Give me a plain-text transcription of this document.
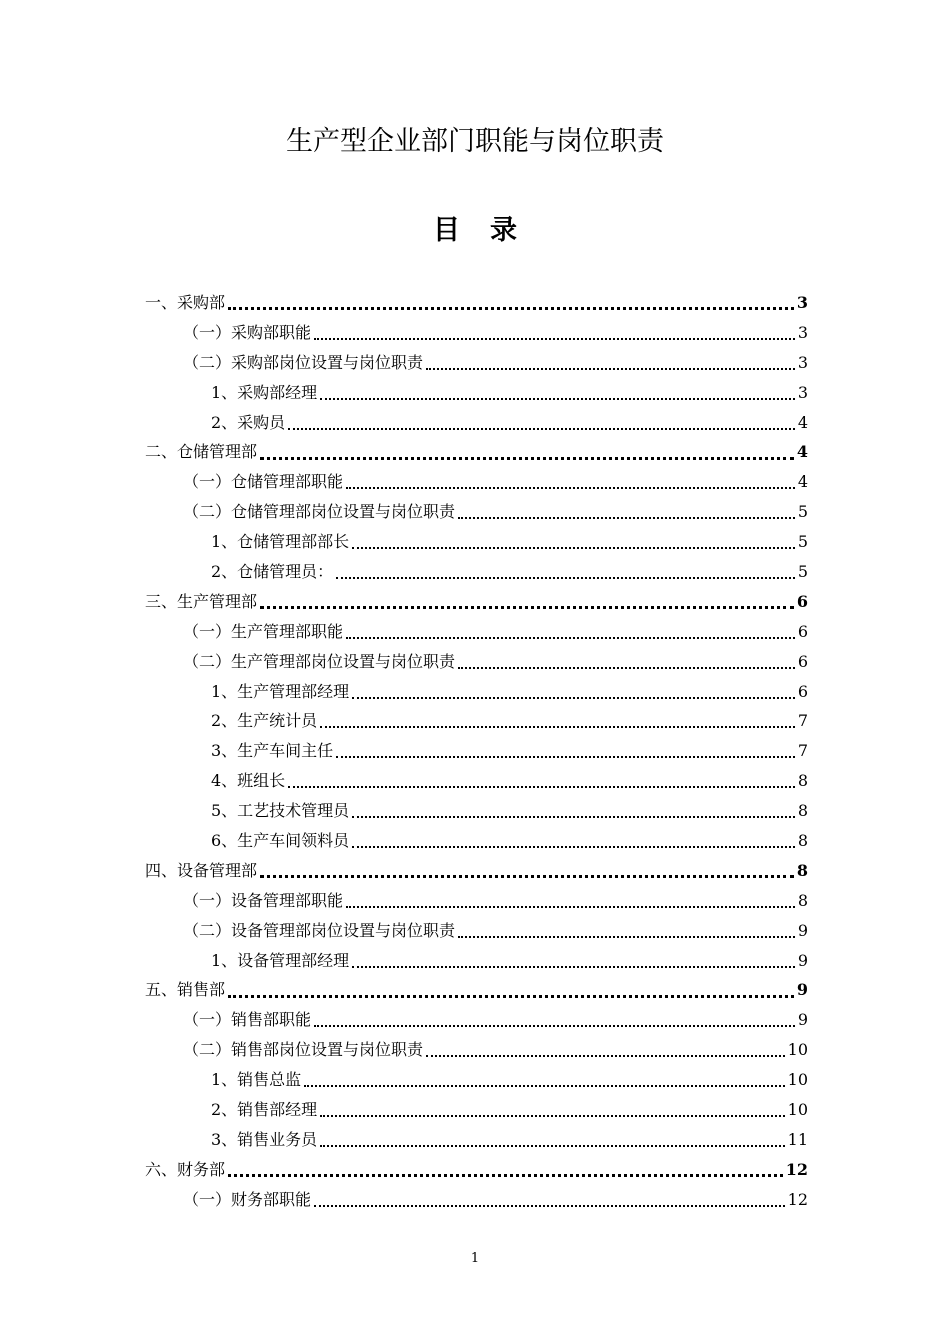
生产型企业部门职能与岗位职责
目录
一、采购部	3
（一）采购部职能	3
（二）采购部岗位设置与岗位职责	3
1、采购部经理	3
2、采购员	4
二、仓储管理部	4
（一）仓储管理部职能	4
（二）仓储管理部岗位设置与岗位职责	5
1、仓储管理部部长	5
2、仓储管理员：	5
三、生产管理部	6
（一）生产管理部职能	6
（二）生产管理部岗位设置与岗位职责	6
1、生产管理部经理	6
2、生产统计员	7
3、生产车间主任	7
4、班组长	8
5、工艺技术管理员	8
6、生产车间领料员	8
四、设备管理部	8
（一）设备管理部职能	8
（二）设备管理部岗位设置与岗位职责	9
1、设备管理部经理	9
五、销售部	9
（一）销售部职能	9
（二）销售部岗位设置与岗位职责	10
1、销售总监	10
2、销售部经理	10
3、销售业务员	11
六、财务部	12
（一）财务部职能	12
1
